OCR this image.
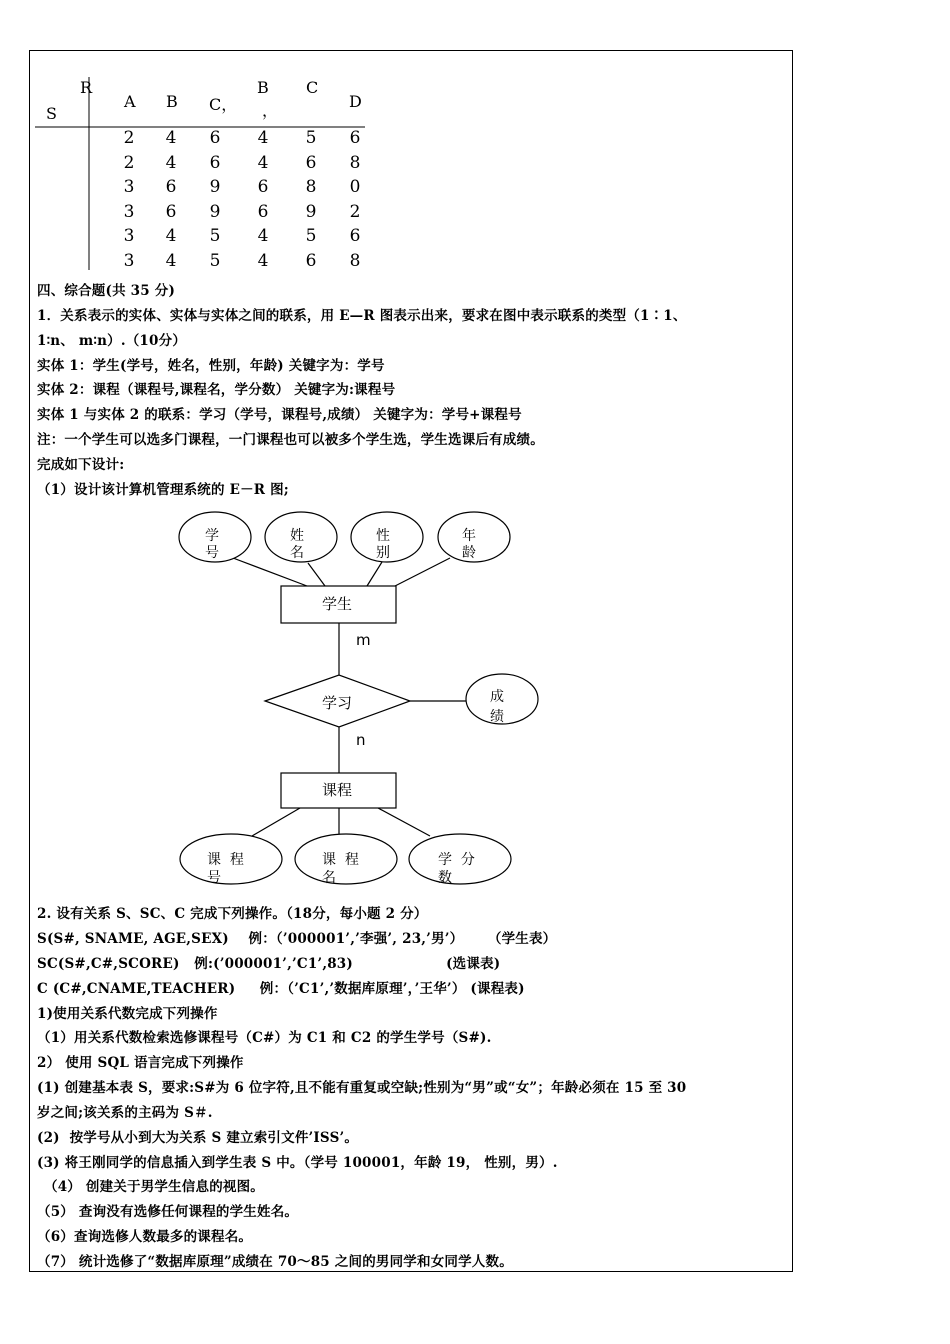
R
S
A B C，
B
，
C
D
2 4 6 4 5 6
2 4 6 4 6 8
3 6 9 6 8 0
3 6 9 6 9 2
3 4 5 4 5 6
3 4 5 4 6 8
四、综合题(共 35 分)
1．关系表示的实体、实体与实体之间的联系，用 E—R 图表示出来，要求在图中表示联系的类型（1∶1、
1∶n、 m∶n）.（10分）
实体 1：学生(学号，姓名，性别，年龄) 关键字为：学号
实体 2：课程（课程号,课程名，学分数） 关键字为:课程号
实体 1 与实体 2 的联系：学习（学号，课程号,成绩） 关键字为：学号+课程号
注：一个学生可以选多门课程，一门课程也可以被多个学生选，学生选课后有成绩。
完成如下设计:
（1）设计该计算机管理系统的 E－R 图;
学
号
姓
名
性
别
年
龄
学生
m
学习	成
绩
n
课程
课  程
号
课  程
名
学  分
数
2. 设有关系 S、SC、C 完成下列操作。（18分，每小题 2 分）
S(S#, SNAME, AGE,SEX)    例：（’000001’,’李强’, 23,’男’）     （学生表）
SC(S#,C#,SCORE)   例:(’000001’,’C1’,83)                   (选课表)
C (C#,CNAME,TEACHER)     例：（’C1’,’数据库原理’，’王华’） (课程表)
1)使用关系代数完成下列操作
（1）用关系代数检索选修课程号（C#）为 C1 和 C2 的学生学号（S#).
2） 使用 SQL 语言完成下列操作
(1) 创建基本表 S，要求:S#为 6 位字符,且不能有重复或空缺;性别为“男”或“女”；年龄必须在 15 至 30
岁之间;该关系的主码为 S＃.
(2)  按学号从小到大为关系 S 建立索引文件’ISS’。
(3) 将王刚同学的信息插入到学生表 S 中。（学号 100001，年龄 19， 性别，男）.
（4） 创建关于男学生信息的视图。
（5） 查询没有选修任何课程的学生姓名。
（6）查询选修人数最多的课程名。
（7） 统计选修了“数据库原理”成绩在 70～85 之间的男同学和女同学人数。
